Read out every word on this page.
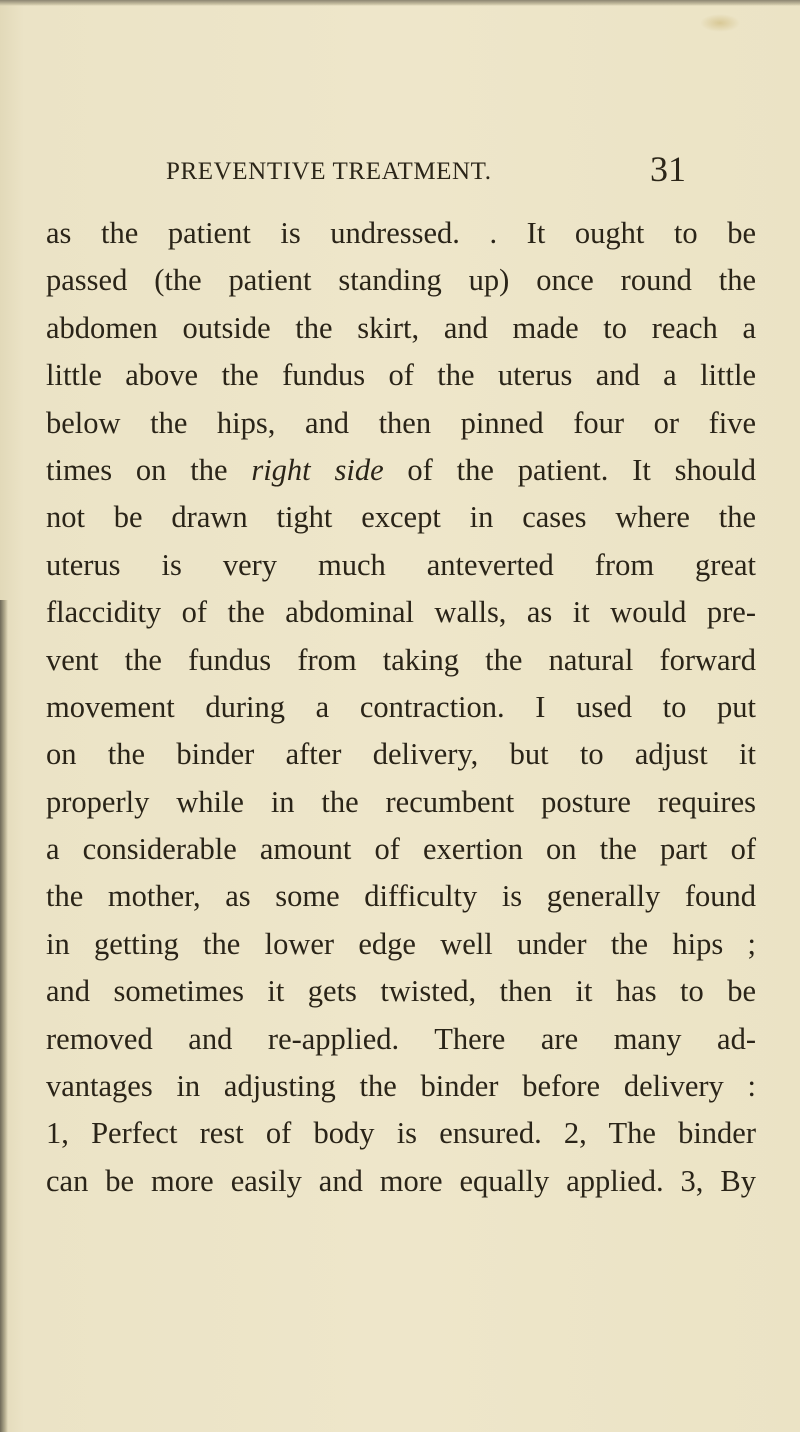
PREVENTIVE TREATMENT.	31
as the patient is undressed. . It ought to be
passed (the patient standing up) once round the
abdomen outside the skirt, and made to reach a
little above the fundus of the uterus and a little
below the hips, and then pinned four or five
times on the right side of the patient. It should
not be drawn tight except in cases where the
uterus is very much anteverted from great
flaccidity of the abdominal walls, as it would pre-
vent the fundus from taking the natural forward
movement during a contraction. I used to put
on the binder after delivery, but to adjust it
properly while in the recumbent posture requires
a considerable amount of exertion on the part of
the mother, as some difficulty is generally found
in getting the lower edge well under the hips ;
and sometimes it gets twisted, then it has to be
removed and re-applied. There are many ad-
vantages in adjusting the binder before delivery :
1, Perfect rest of body is ensured. 2, The binder
can be more easily and more equally applied. 3, By
